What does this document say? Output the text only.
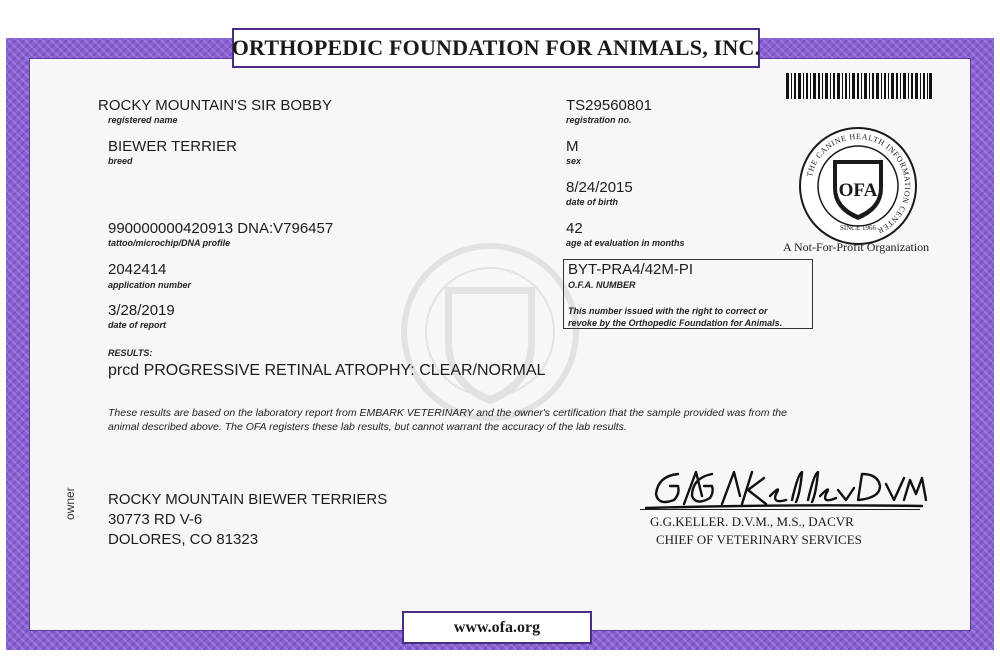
ORTHOPEDIC FOUNDATION FOR ANIMALS, INC.
ROCKY MOUNTAIN'S SIR BOBBY
registered name
BIEWER TERRIER
breed
990000000420913 DNA:V796457
tattoo/microchip/DNA profile
2042414
application number
3/28/2019
date of report
TS29560801
registration no.
M
sex
8/24/2015
date of birth
42
age at evaluation in months
BYT-PRA4/42M-PI
O.F.A. NUMBER
This number issued with the right to correct or
revoke by the Orthopedic Foundation for Animals.
THE CANINE HEALTH INFORMATION CENTER
OFA
SINCE 1966
A Not-For-Profit Organization
RESULTS:
prcd PROGRESSIVE RETINAL ATROPHY: CLEAR/NORMAL
These results are based on the laboratory report from EMBARK VETERINARY and the owner's certification that the sample provided was from the
animal described above. The OFA registers these lab results, but cannot warrant the accuracy of the lab results.
owner ROCKY MOUNTAIN BIEWER TERRIERS
30773 RD V-6
DOLORES, CO 81323
G.G.KELLER. D.V.M., M.S., DACVR
CHIEF OF VETERINARY SERVICES
www.ofa.org
